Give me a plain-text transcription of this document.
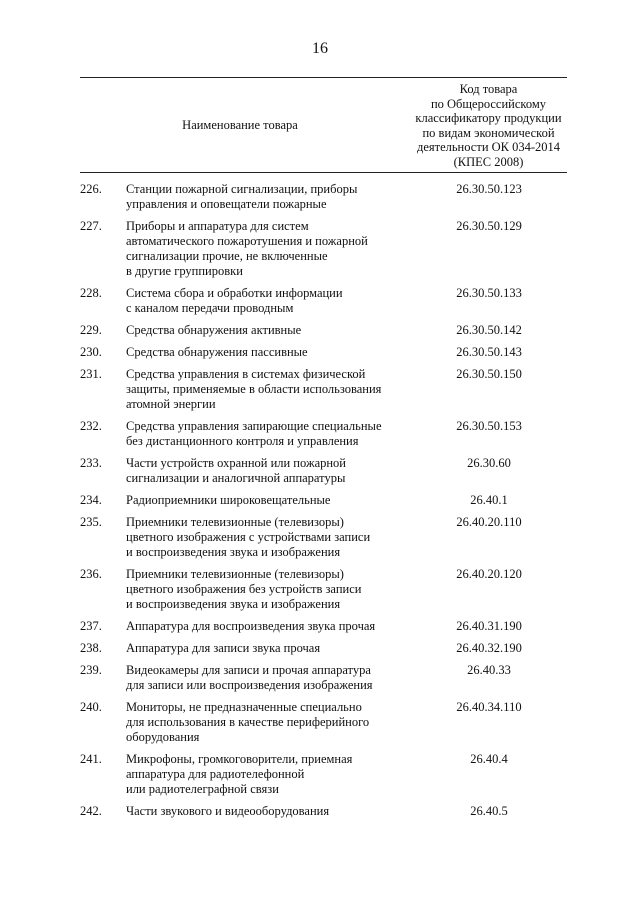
16
Наименование товара
Код товара
по Общероссийскому
классификатору продукции
по видам экономической
деятельности ОК 034-2014
(КПЕС 2008)
226.	Станции пожарной сигнализации, приборы
управления и оповещатели пожарные
26.30.50.123
227.	Приборы и аппаратура для систем
автоматического пожаротушения и пожарной
сигнализации прочие, не включенные
в другие группировки
26.30.50.129
228.	Система сбора и обработки информации
с каналом передачи проводным
26.30.50.133
229.	Средства обнаружения активные	26.30.50.142
230.	Средства обнаружения пассивные	26.30.50.143
231.	Средства управления в системах физической
защиты, применяемые в области использования
атомной энергии
26.30.50.150
232.	Средства управления запирающие специальные
без дистанционного контроля и управления
26.30.50.153
233.	Части устройств охранной или пожарной
сигнализации и аналогичной аппаратуры
26.30.60
234.	Радиоприемники широковещательные	26.40.1
235.	Приемники телевизионные (телевизоры)
цветного изображения с устройствами записи
и воспроизведения звука и изображения
26.40.20.110
236.	Приемники телевизионные (телевизоры)
цветного изображения без устройств записи
и воспроизведения звука и изображения
26.40.20.120
237.	Аппаратура для воспроизведения звука прочая	26.40.31.190
238.	Аппаратура для записи звука прочая	26.40.32.190
239.	Видеокамеры для записи и прочая аппаратура
для записи или воспроизведения изображения
26.40.33
240.	Мониторы, не предназначенные специально
для использования в качестве периферийного
оборудования
26.40.34.110
241.	Микрофоны, громкоговорители, приемная
аппаратура для радиотелефонной
или радиотелеграфной связи
26.40.4
242.	Части звукового и видеооборудования	26.40.5
